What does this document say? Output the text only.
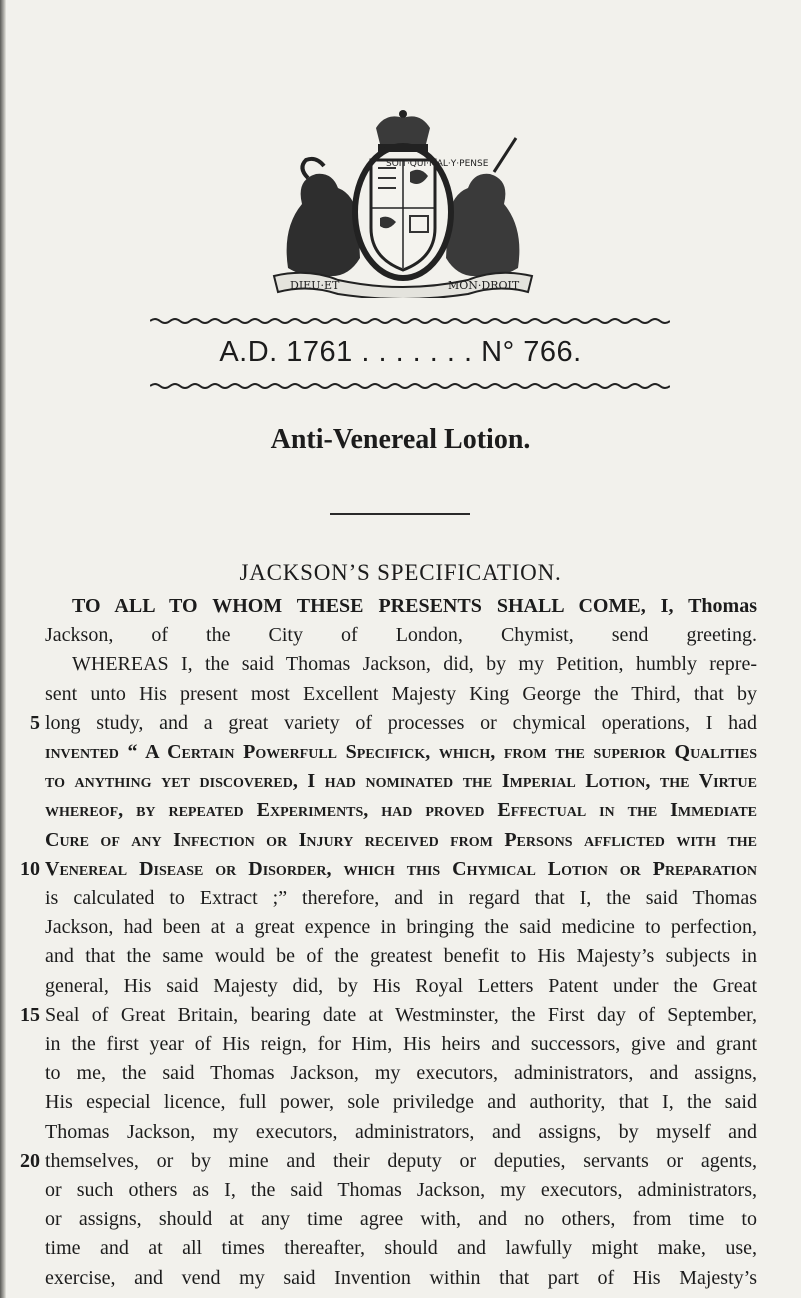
SOIT·QUI·MAL·Y·PENSE
DIEU·ET	MON·DROIT
A.D. 1761 . . . . . . . N° 766.
Anti-Venereal Lotion.
JACKSON’S SPECIFICATION.
TO ALL TO WHOM THESE PRESENTS SHALL COME, I, Thomas
Jackson, of the City of London, Chymist, send greeting.
WHEREAS I, the said Thomas Jackson, did, by my Petition, humbly repre-
sent unto His present most Excellent Majesty King George the Third, that by
5 long study, and a great variety of processes or chymical operations, I had
invented “ A Certain Powerfull Specifick, which, from the superior Qualities
to anything yet discovered, I had nominated the Imperial Lotion, the Virtue
whereof, by repeated Experiments, had proved Effectual in the Immediate
Cure of any Infection or Injury received from Persons afflicted with the
10 Venereal Disease or Disorder, which this Chymical Lotion or Preparation
is calculated to Extract ;” therefore, and in regard that I, the said Thomas
Jackson, had been at a great expence in bringing the said medicine to perfection,
and that the same would be of the greatest benefit to His Majesty’s subjects in
general, His said Majesty did, by His Royal Letters Patent under the Great
15 Seal of Great Britain, bearing date at Westminster, the First day of September,
in the first year of His reign, for Him, His heirs and successors, give and grant
to me, the said Thomas Jackson, my executors, administrators, and assigns,
His especial licence, full power, sole priviledge and authority, that I, the said
Thomas Jackson, my executors, administrators, and assigns, by myself and
20 themselves, or by mine and their deputy or deputies, servants or agents,
or such others as I, the said Thomas Jackson, my executors, administrators,
or assigns, should at any time agree with, and no others, from time to
time and at all times thereafter, should and lawfully might make, use,
exercise, and vend my said Invention within that part of His Majesty’s
